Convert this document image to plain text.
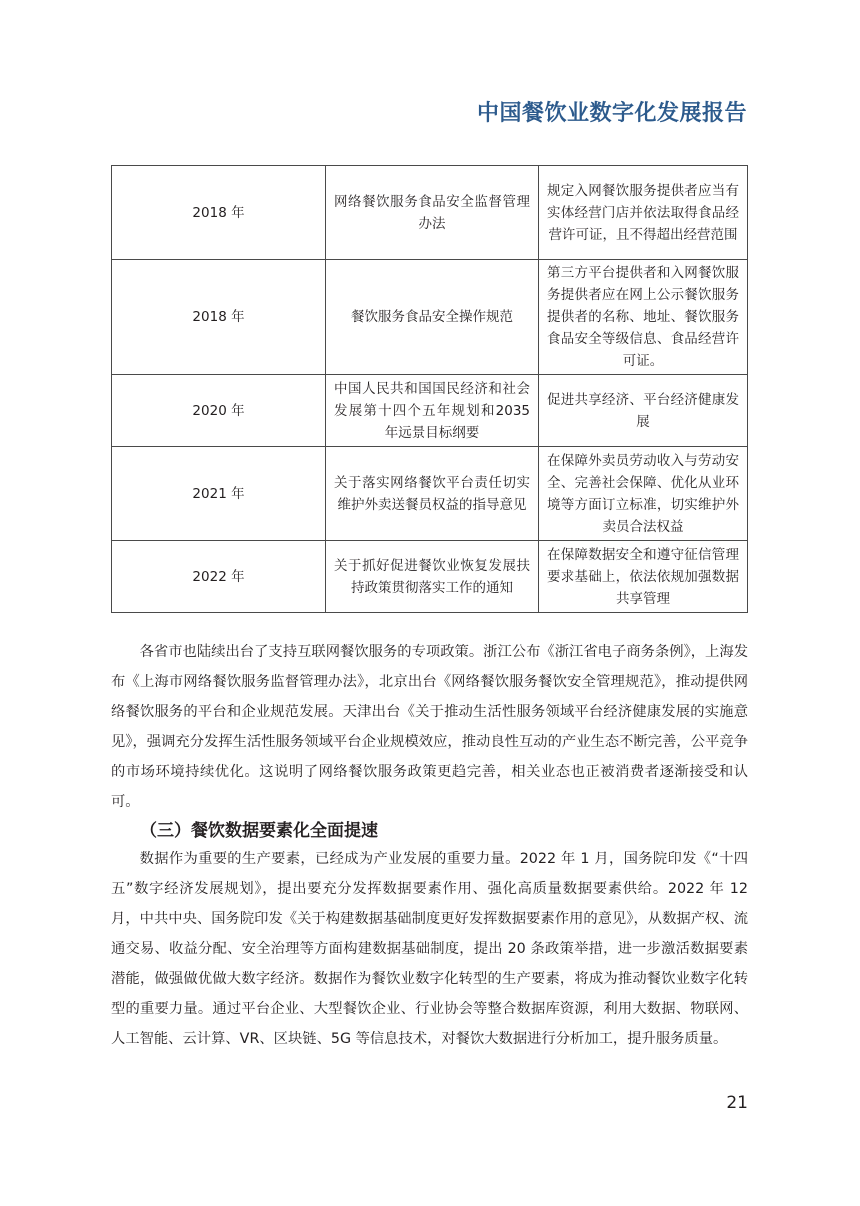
中国餐饮业数字化发展报告
2018 年	网络餐饮服务食品安全监督管理办法	规定入网餐饮服务提供者应当有实体经营门店并依法取得食品经营许可证，且不得超出经营范围
2018 年	餐饮服务食品安全操作规范	第三方平台提供者和入网餐饮服务提供者应在网上公示餐饮服务提供者的名称、地址、餐饮服务食品安全等级信息、食品经营许可证。
2020 年	中国人民共和国国民经济和社会发展第十四个五年规划和2035 年远景目标纲要	促进共享经济、平台经济健康发展
2021 年	关于落实网络餐饮平台责任切实维护外卖送餐员权益的指导意见	在保障外卖员劳动收入与劳动安全、完善社会保障、优化从业环境等方面订立标准，切实维护外卖员合法权益
2022 年	关于抓好促进餐饮业恢复发展扶持政策贯彻落实工作的通知	在保障数据安全和遵守征信管理要求基础上，依法依规加强数据共享管理

各省市也陆续出台了支持互联网餐饮服务的专项政策。浙江公布《浙江省电子商务条例》，上海发布《上海市网络餐饮服务监督管理办法》，北京出台《网络餐饮服务餐饮安全管理规范》，推动提供网络餐饮服务的平台和企业规范发展。天津出台《关于推动生活性服务领域平台经济健康发展的实施意见》，强调充分发挥生活性服务领域平台企业规模效应，推动良性互动的产业生态不断完善，公平竞争的市场环境持续优化。这说明了网络餐饮服务政策更趋完善，相关业态也正被消费者逐渐接受和认可。

（三）餐饮数据要素化全面提速

数据作为重要的生产要素，已经成为产业发展的重要力量。2022 年 1 月，国务院印发《“十四五”数字经济发展规划》，提出要充分发挥数据要素作用、强化高质量数据要素供给。2022 年 12 月，中共中央、国务院印发《关于构建数据基础制度更好发挥数据要素作用的意见》，从数据产权、流通交易、收益分配、安全治理等方面构建数据基础制度，提出 20 条政策举措，进一步激活数据要素潜能，做强做优做大数字经济。数据作为餐饮业数字化转型的生产要素，将成为推动餐饮业数字化转型的重要力量。通过平台企业、大型餐饮企业、行业协会等整合数据库资源，利用大数据、物联网、人工智能、云计算、VR、区块链、5G 等信息技术，对餐饮大数据进行分析加工，提升服务质量。

21
